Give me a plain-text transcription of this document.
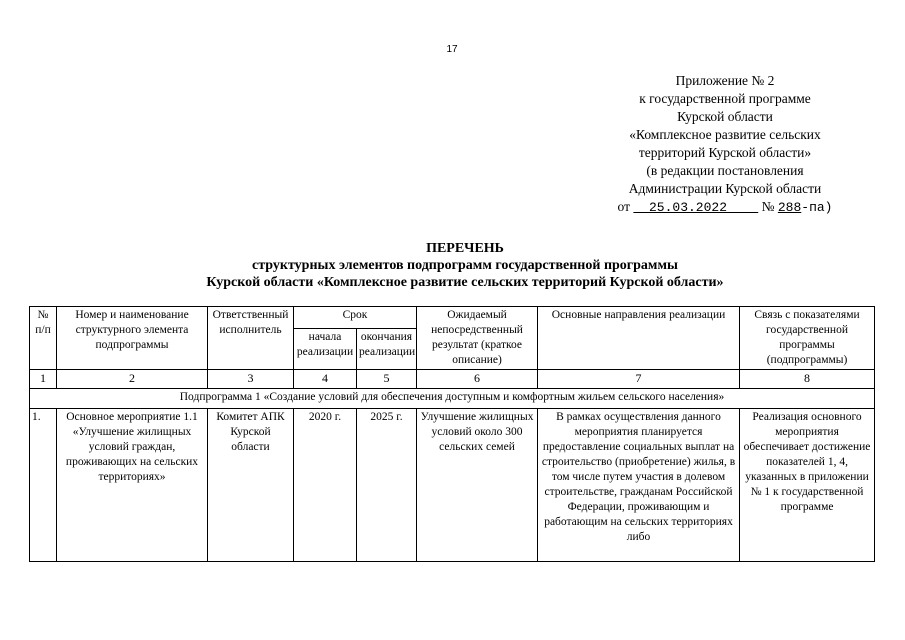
17
Приложение № 2
к государственной программе
Курской области
«Комплексное развитие сельских
территорий Курской области»
(в редакции постановления
Администрации Курской области
от 25.03.2022	№ 288-па)
ПЕРЕЧЕНЬ
структурных элементов подпрограмм государственной программы
Курской области «Комплексное развитие сельских территорий Курской области»
№ п/п	Номер и наименование структурного элемента подпрограммы	Ответственный исполнитель	Срок		Ожидаемый непосредственный результат (краткое описание)	Основные направления реализации	Связь с показателями государственной программы (подпрограммы)
			начала реализации	окончания реализации			
1	2	3	4	5	6	7	8
Подпрограмма 1 «Создание условий для обеспечения доступным и комфортным жильем сельского населения»							
1.	Основное мероприятие 1.1 «Улучшение жилищных условий граждан, проживающих на сельских территориях»	Комитет АПК Курской области	2020 г.	2025 г.	Улучшение жилищных условий около 300 сельских семей	В рамках осуществления данного мероприятия планируется предоставление социальных выплат на строительство (приобретение) жилья, в том числе путем участия в долевом строительстве, гражданам Российской Федерации, проживающим и работающим на сельских территориях либо	Реализация основного мероприятия обеспечивает достижение показателей 1, 4, указанных в приложении № 1 к государственной программе
